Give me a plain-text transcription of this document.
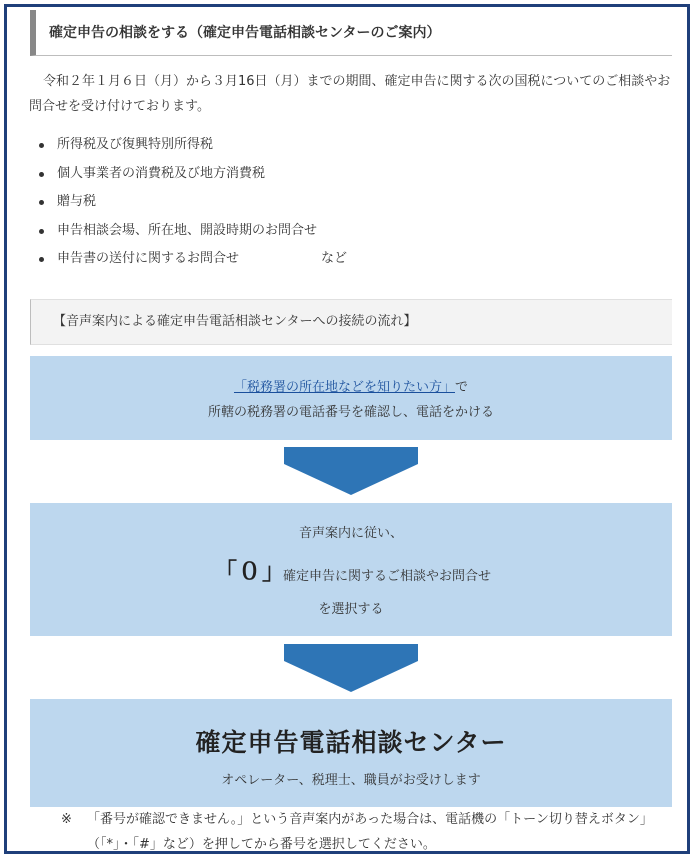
確定申告の相談をする（確定申告電話相談センターのご案内）
令和２年１月６日（月）から３月16日（月）までの期間、確定申告に関する次の国税についてのご相談やお問合せを受け付けております。
所得税及び復興特別所得税
個人事業者の消費税及び地方消費税
贈与税
申告相談会場、所在地、開設時期のお問合せ
申告書の送付に関するお問合せ	など
【音声案内による確定申告電話相談センターへの接続の流れ】
「税務署の所在地などを知りたい方」で
所轄の税務署の電話番号を確認し、電話をかける
音声案内に従い、
「０」
確定申告に関するご相談やお問合せ
を選択する
確定申告電話相談センター
オペレーター、税理士、職員がお受けします
※	「番号が確認できません。」という音声案内があった場合は、電話機の「トーン切り替えボタン」（「*」・「#」など）を押してから番号を選択してください。
